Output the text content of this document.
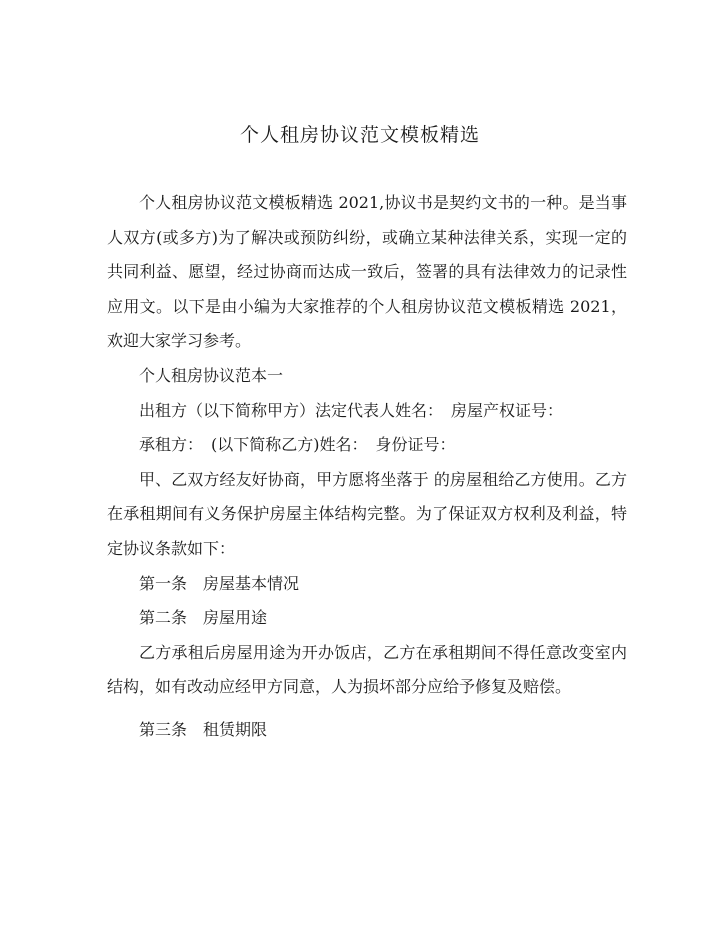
个人租房协议范文模板精选

个人租房协议范文模板精选 2021,协议书是契约文书的一种。是当事人双方(或多方)为了解决或预防纠纷，或确立某种法律关系，实现一定的共同利益、愿望，经过协商而达成一致后，签署的具有法律效力的记录性应用文。以下是由小编为大家推荐的个人租房协议范文模板精选 2021，欢迎大家学习参考。

个人租房协议范本一

出租方（以下简称甲方）法定代表人姓名：　房屋产权证号：

承租方：　(以下简称乙方)姓名：　身份证号：

甲、乙双方经友好协商，甲方愿将坐落于 的房屋租给乙方使用。乙方在承租期间有义务保护房屋主体结构完整。为了保证双方权利及利益，特定协议条款如下：

第一条　房屋基本情况

第二条　房屋用途

乙方承租后房屋用途为开办饭店，乙方在承租期间不得任意改变室内结构，如有改动应经甲方同意，人为损坏部分应给予修复及赔偿。

第三条　租赁期限
